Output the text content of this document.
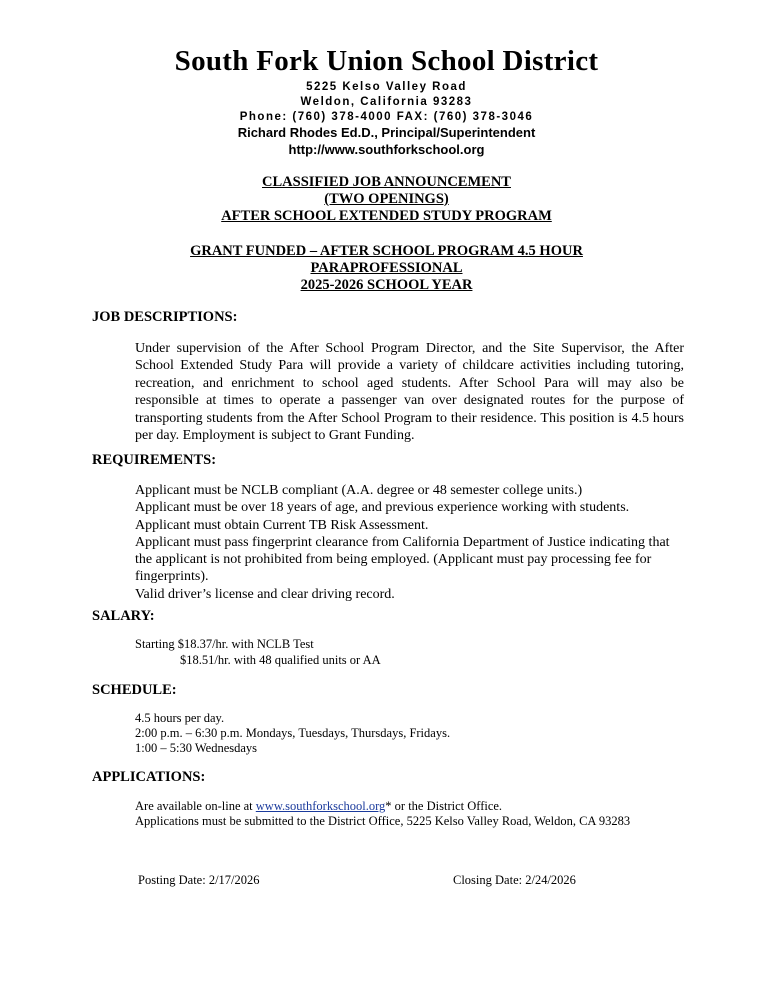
South Fork Union School District
5225 Kelso Valley Road
Weldon, California 93283
Phone: (760) 378-4000 FAX: (760) 378-3046
Richard Rhodes Ed.D., Principal/Superintendent
http://www.southforkschool.org
CLASSIFIED JOB ANNOUNCEMENT
(TWO OPENINGS)
AFTER SCHOOL EXTENDED STUDY PROGRAM
GRANT FUNDED – AFTER SCHOOL PROGRAM 4.5 HOUR
PARAPROFESSIONAL
2025-2026 SCHOOL YEAR
JOB DESCRIPTIONS:
Under supervision of the After School Program Director, and the Site Supervisor, the After School Extended Study Para will provide a variety of childcare activities including tutoring, recreation, and enrichment to school aged students. After School Para will may also be responsible at times to operate a passenger van over designated routes for the purpose of transporting students from the After School Program to their residence. This position is 4.5 hours per day. Employment is subject to Grant Funding.
REQUIREMENTS:
Applicant must be NCLB compliant (A.A. degree or 48 semester college units.)
Applicant must be over 18 years of age, and previous experience working with students.
Applicant must obtain Current TB Risk Assessment.
Applicant must pass fingerprint clearance from California Department of Justice indicating that the applicant is not prohibited from being employed. (Applicant must pay processing fee for fingerprints).
Valid driver’s license and clear driving record.
SALARY:
Starting $18.37/hr. with NCLB Test
$18.51/hr. with 48 qualified units or AA
SCHEDULE:
4.5 hours per day.
2:00 p.m. – 6:30 p.m. Mondays, Tuesdays, Thursdays, Fridays.
1:00 – 5:30 Wednesdays
APPLICATIONS:
Are available on-line at www.southforkschool.org* or the District Office.
Applications must be submitted to the District Office, 5225 Kelso Valley Road, Weldon, CA 93283
Posting Date: 2/17/2026	Closing Date: 2/24/2026
